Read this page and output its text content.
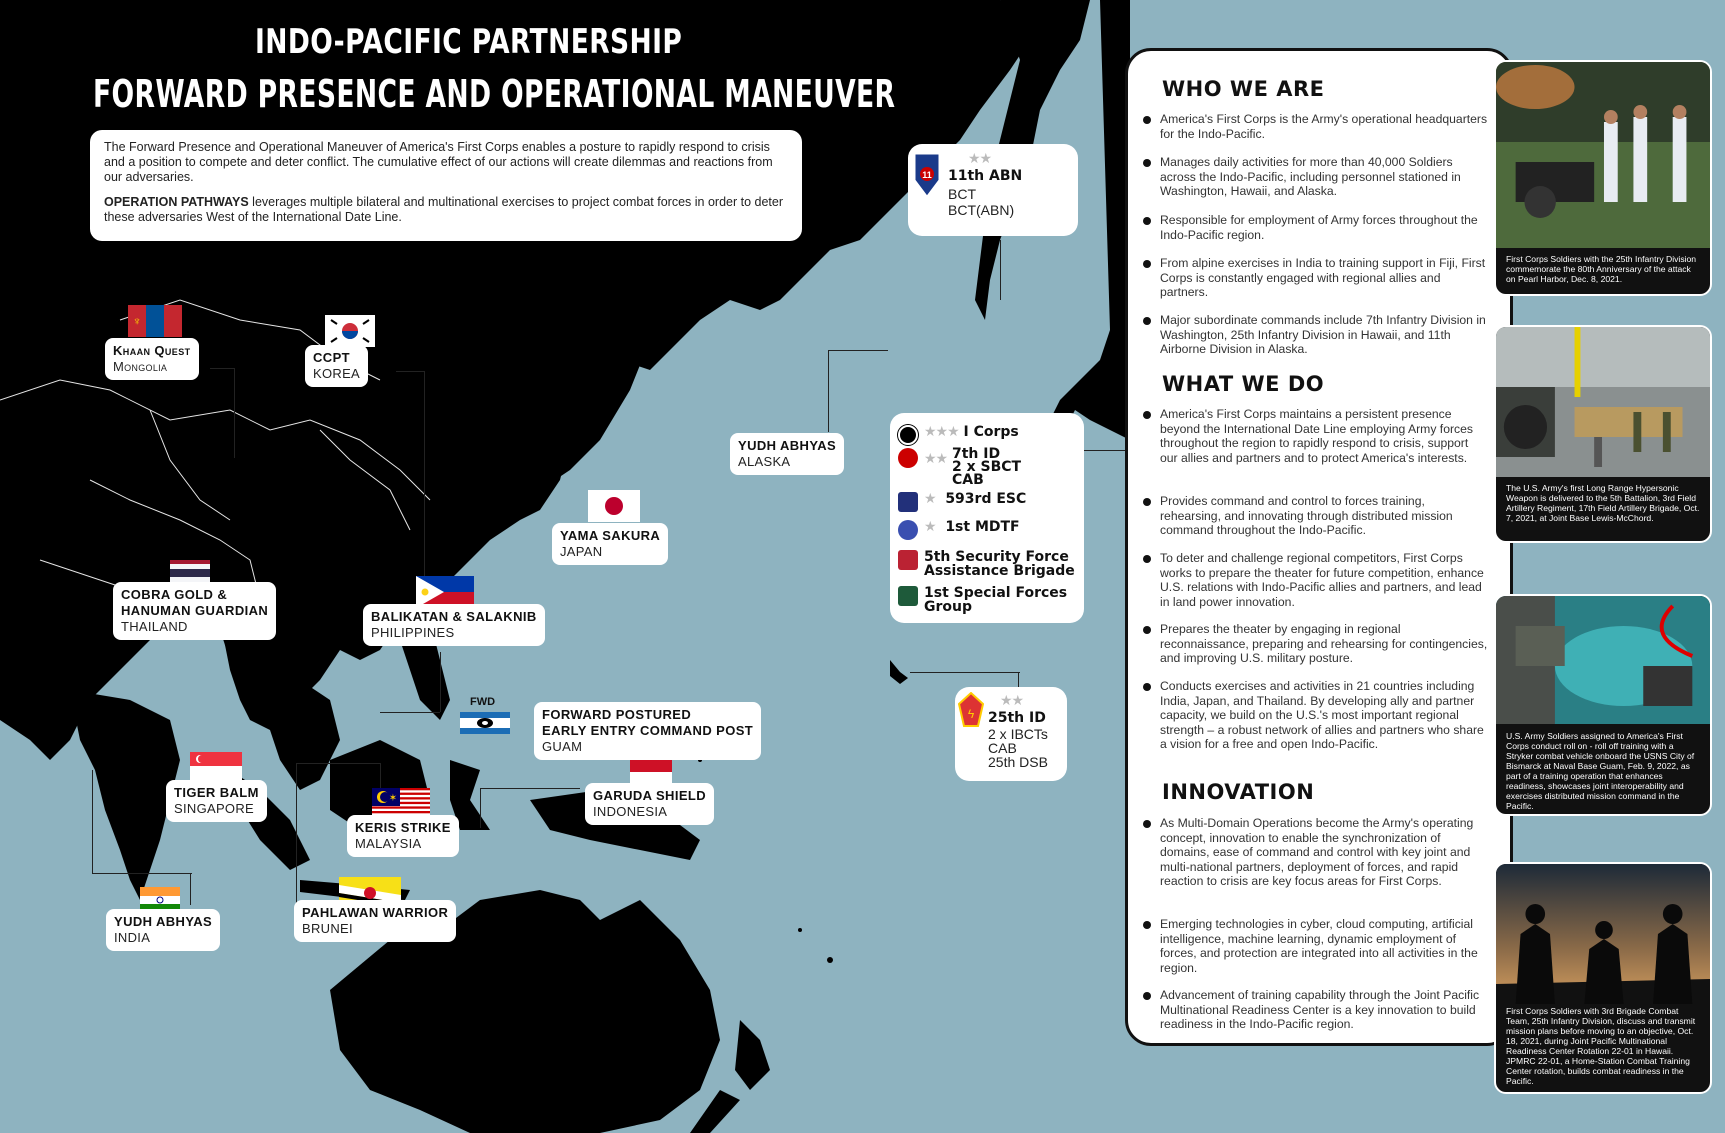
INDO-PACIFIC PARTNERSHIP
FORWARD PRESENCE AND OPERATIONAL MANEUVER

The Forward Presence and Operational Maneuver of America's First Corps enables a posture to rapidly respond to crisis and a position to compete and deter conflict. The cumulative effect of our actions will create dilemmas and reactions from our adversaries.

OPERATION PATHWAYS leverages multiple bilateral and multinational exercises to project combat forces in order to deter these adversaries West of the International Date Line.

♆
FWD
✶
Khaan Quest
Mongolia
CCPT
KOREA
YUDH ABHYAS
ALASKA
YAMA SAKURA
JAPAN
COBRA GOLD &
HANUMAN GUARDIAN
THAILAND
BALIKATAN & SALAKNIB
PHILIPPINES
FORWARD POSTURED
EARLY ENTRY COMMAND POST
GUAM
TIGER BALM
SINGAPORE
GARUDA SHIELD
INDONESIA
KERIS STRIKE
MALAYSIA
PAHLAWAN WARRIOR
BRUNEI
YUDH ABHYAS
INDIA
11
★★
11th ABN
BCT
BCT(ABN)
★★★
I Corps
★★
7th ID
2 x SBCT
CAB
★
593rd ESC
★
1st MDTF
5th Security Force
Assistance Brigade
1st Special Forces
Group
ϟ
★★
25th ID
2 x IBCTs
CAB
25th DSB
WHO WE ARE
America's First Corps is the Army's operational headquarters for the Indo-Pacific.
Manages daily activities for more than 40,000 Soldiers across the Indo-Pacific, including personnel stationed in Washington, Hawaii, and Alaska.
Responsible for employment of Army forces throughout the Indo-Pacific region.
From alpine exercises in India to training support in Fiji, First Corps is constantly engaged with regional allies and partners.
Major subordinate commands include 7th Infantry Division in Washington, 25th Infantry Division in Hawaii, and 11th Airborne Division in Alaska.
WHAT WE DO
America's First Corps maintains a persistent presence beyond the International Date Line employing Army forces throughout the region to rapidly respond to crisis, support our allies and partners and to protect America's interests.
Provides command and control to forces training, rehearsing, and innovating through distributed mission command throughout the Indo-Pacific.
To deter and challenge regional competitors, First Corps works to prepare the theater for future competition, enhance U.S. relations with Indo-Pacific allies and partners, and lead in land power innovation.
Prepares the theater by engaging in regional reconnaissance, preparing and rehearsing for contingencies, and improving U.S. military posture.
Conducts exercises and activities in 21 countries including India, Japan, and Thailand. By developing ally and partner capacity, we build on the U.S.'s most important regional strength – a robust network of allies and partners who share a vision for a free and open Indo-Pacific.
INNOVATION
As Multi-Domain Operations become the Army's operating concept, innovation to enable the synchronization of domains, ease of command and control with key joint and multi-national partners, deployment of forces, and rapid reaction to crisis are key focus areas for First Corps.
Emerging technologies in cyber, cloud computing, artificial intelligence, machine learning, dynamic employment of forces, and protection are integrated into all activities in the region.
Advancement of training capability through the Joint Pacific Multinational Readiness Center is a key innovation to build readiness in the Indo-Pacific region.
First Corps Soldiers with the 25th Infantry Division commemorate the 80th Anniversary of the attack on Pearl Harbor, Dec. 8, 2021.
The U.S. Army's first Long Range Hypersonic Weapon is delivered to the 5th Battalion, 3rd Field Artillery Regiment, 17th Field Artillery Brigade, Oct. 7, 2021, at Joint Base Lewis-McChord.
U.S. Army Soldiers assigned to America's First Corps conduct roll on - roll off training with a Stryker combat vehicle onboard the USNS City of Bismarck at Naval Base Guam, Feb. 9, 2022, as part of a training operation that enhances readiness, showcases joint interoperability and exercises distributed mission command in the Pacific.
First Corps Soldiers with 3rd Brigade Combat Team, 25th Infantry Division, discuss and transmit mission plans before moving to an objective, Oct. 18, 2021, during Joint Pacific Multinational Readiness Center Rotation 22-01 in Hawaii. JPMRC 22-01, a Home-Station Combat Training Center rotation, builds combat readiness in the Pacific.
